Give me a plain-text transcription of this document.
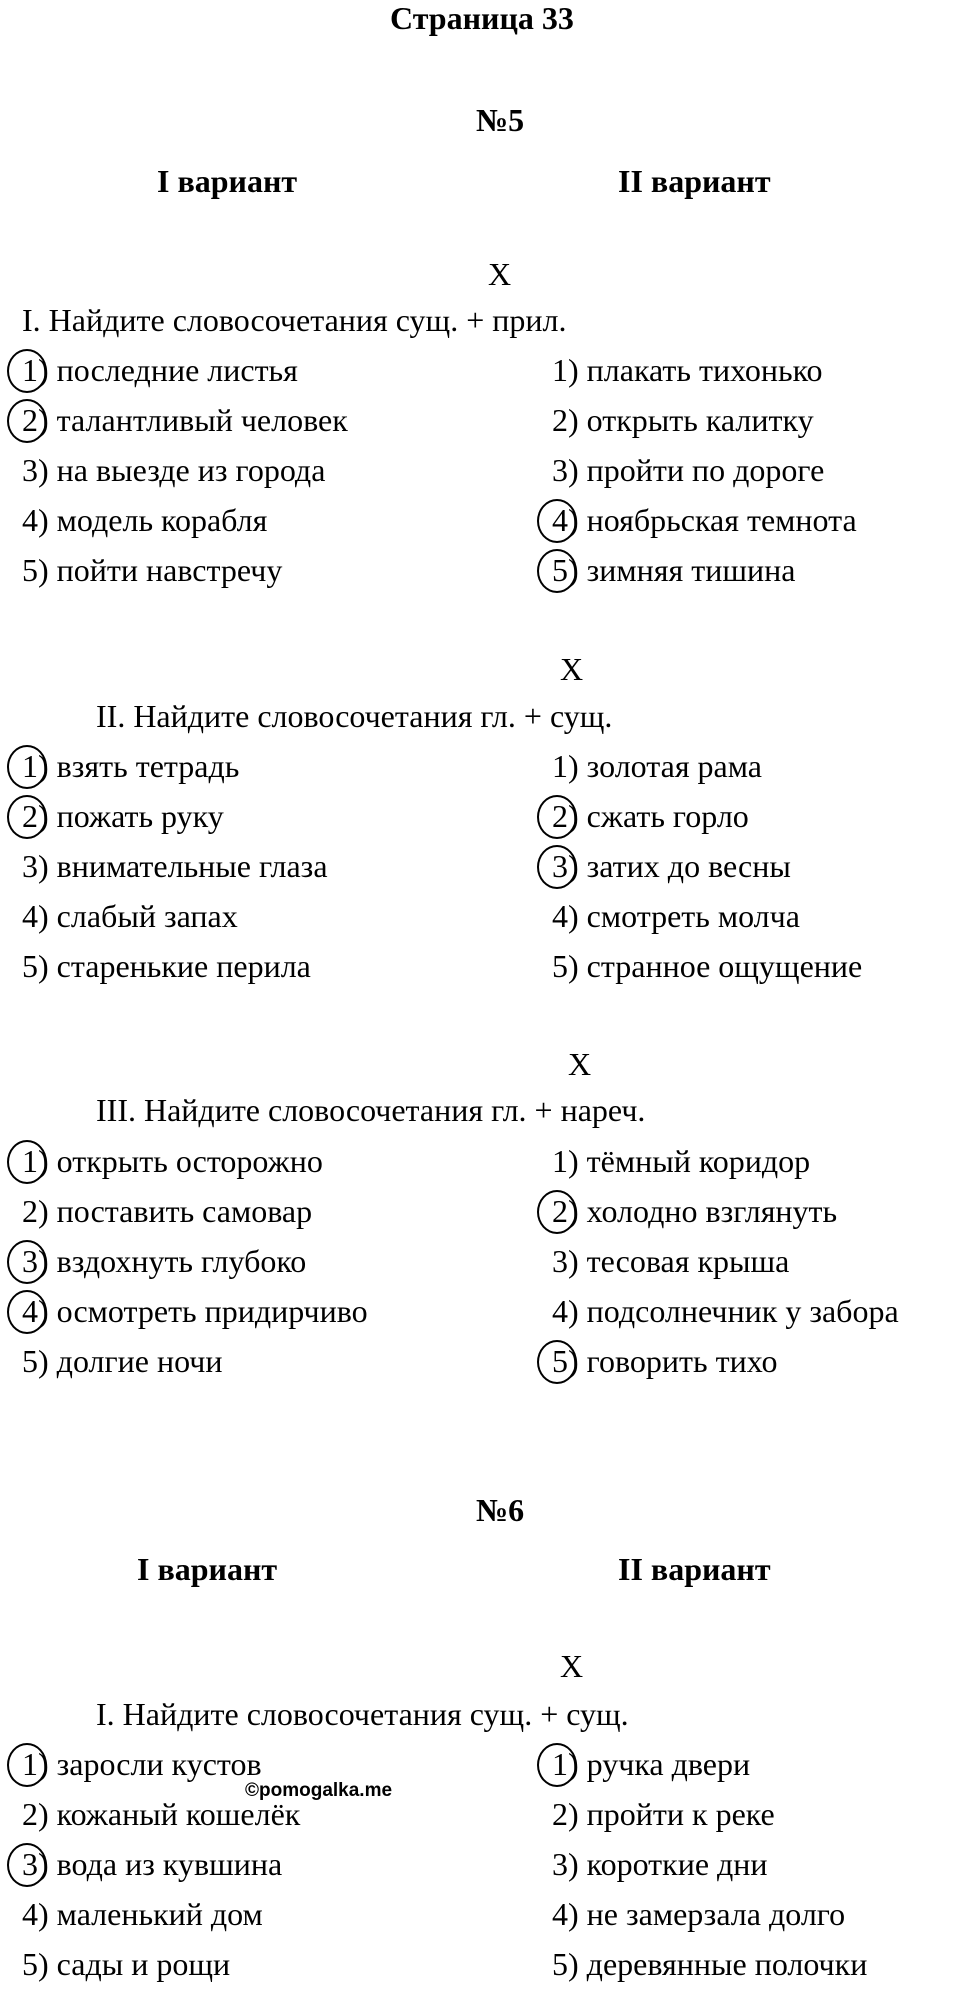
Страница 33
№5
I вариант	II вариант
Х
I. Найдите словосочетания сущ. + прил.
1) последние листья
2) талантливый человек
3) на выезде из города
4) модель корабля
5) пойти навстречу
1) плакать тихонько
2) открыть калитку
3) пройти по дороге
4) ноябрьская темнота
5) зимняя тишина
Х
II. Найдите словосочетания гл. + сущ.
1) взять тетрадь
2) пожать руку
3) внимательные глаза
4) слабый запах
5) старенькие перила
1) золотая рама
2) сжать горло
3) затих до весны
4) смотреть молча
5) странное ощущение
Х
III. Найдите словосочетания гл. + нареч.
1) открыть осторожно
2) поставить самовар
3) вздохнуть глубоко
4) осмотреть придирчиво
5) долгие ночи
1) тёмный коридор
2) холодно взглянуть
3) тесовая крыша
4) подсолнечник у забора
5) говорить тихо
№6
I вариант	II вариант
Х
I. Найдите словосочетания сущ. + сущ.
1) заросли кустов
2) кожаный кошелёк
3) вода из кувшина
4) маленький дом
5) сады и рощи
1) ручка двери
2) пройти к реке
3) короткие дни
4) не замерзала долго
5) деревянные полочки
©pomogalka.me
